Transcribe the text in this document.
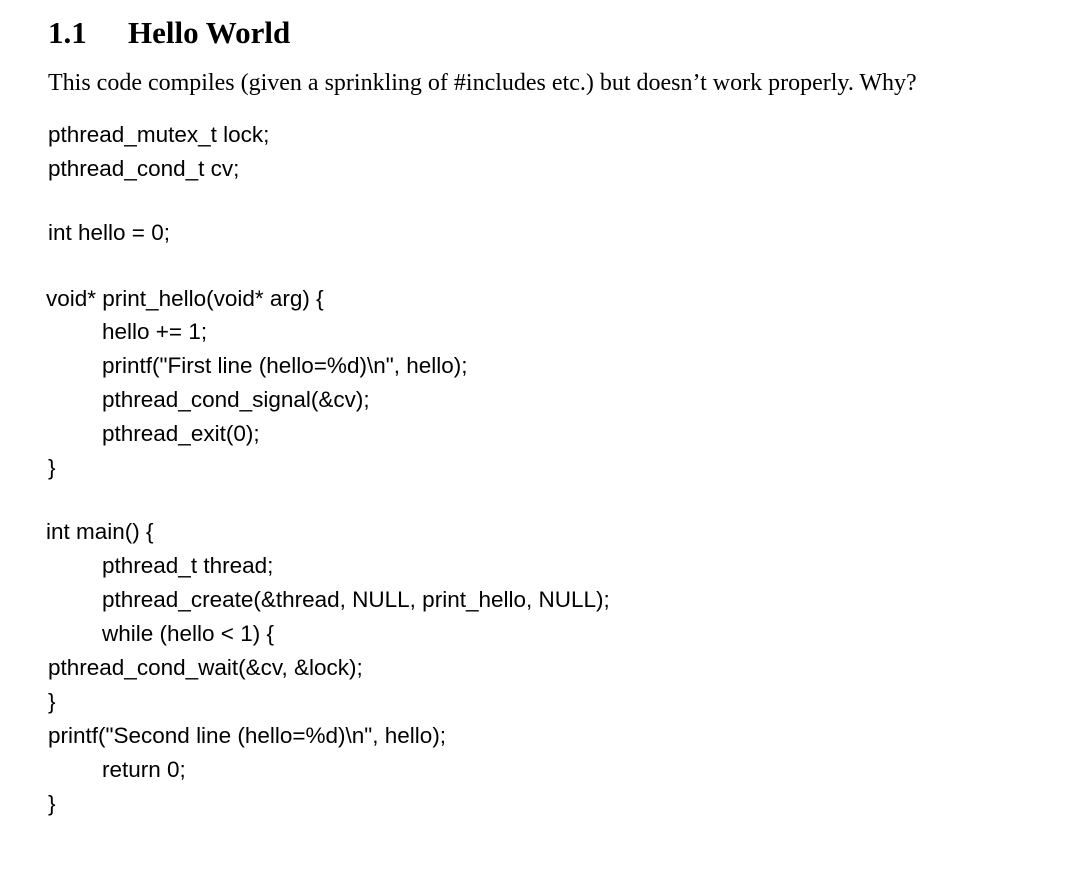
1.1 Hello World
This code compiles (given a sprinkling of #includes etc.) but doesn’t work properly. Why?
pthread_mutex_t lock;
pthread_cond_t cv;
int hello = 0;
void* print_hello(void* arg) {
hello += 1;
printf("First line (hello=%d)\n", hello);
pthread_cond_signal(&cv);
pthread_exit(0);
}
int main() {
pthread_t thread;
pthread_create(&thread, NULL, print_hello, NULL);
while (hello < 1) {
pthread_cond_wait(&cv, &lock);
}
printf("Second line (hello=%d)\n", hello);
return 0;
}
